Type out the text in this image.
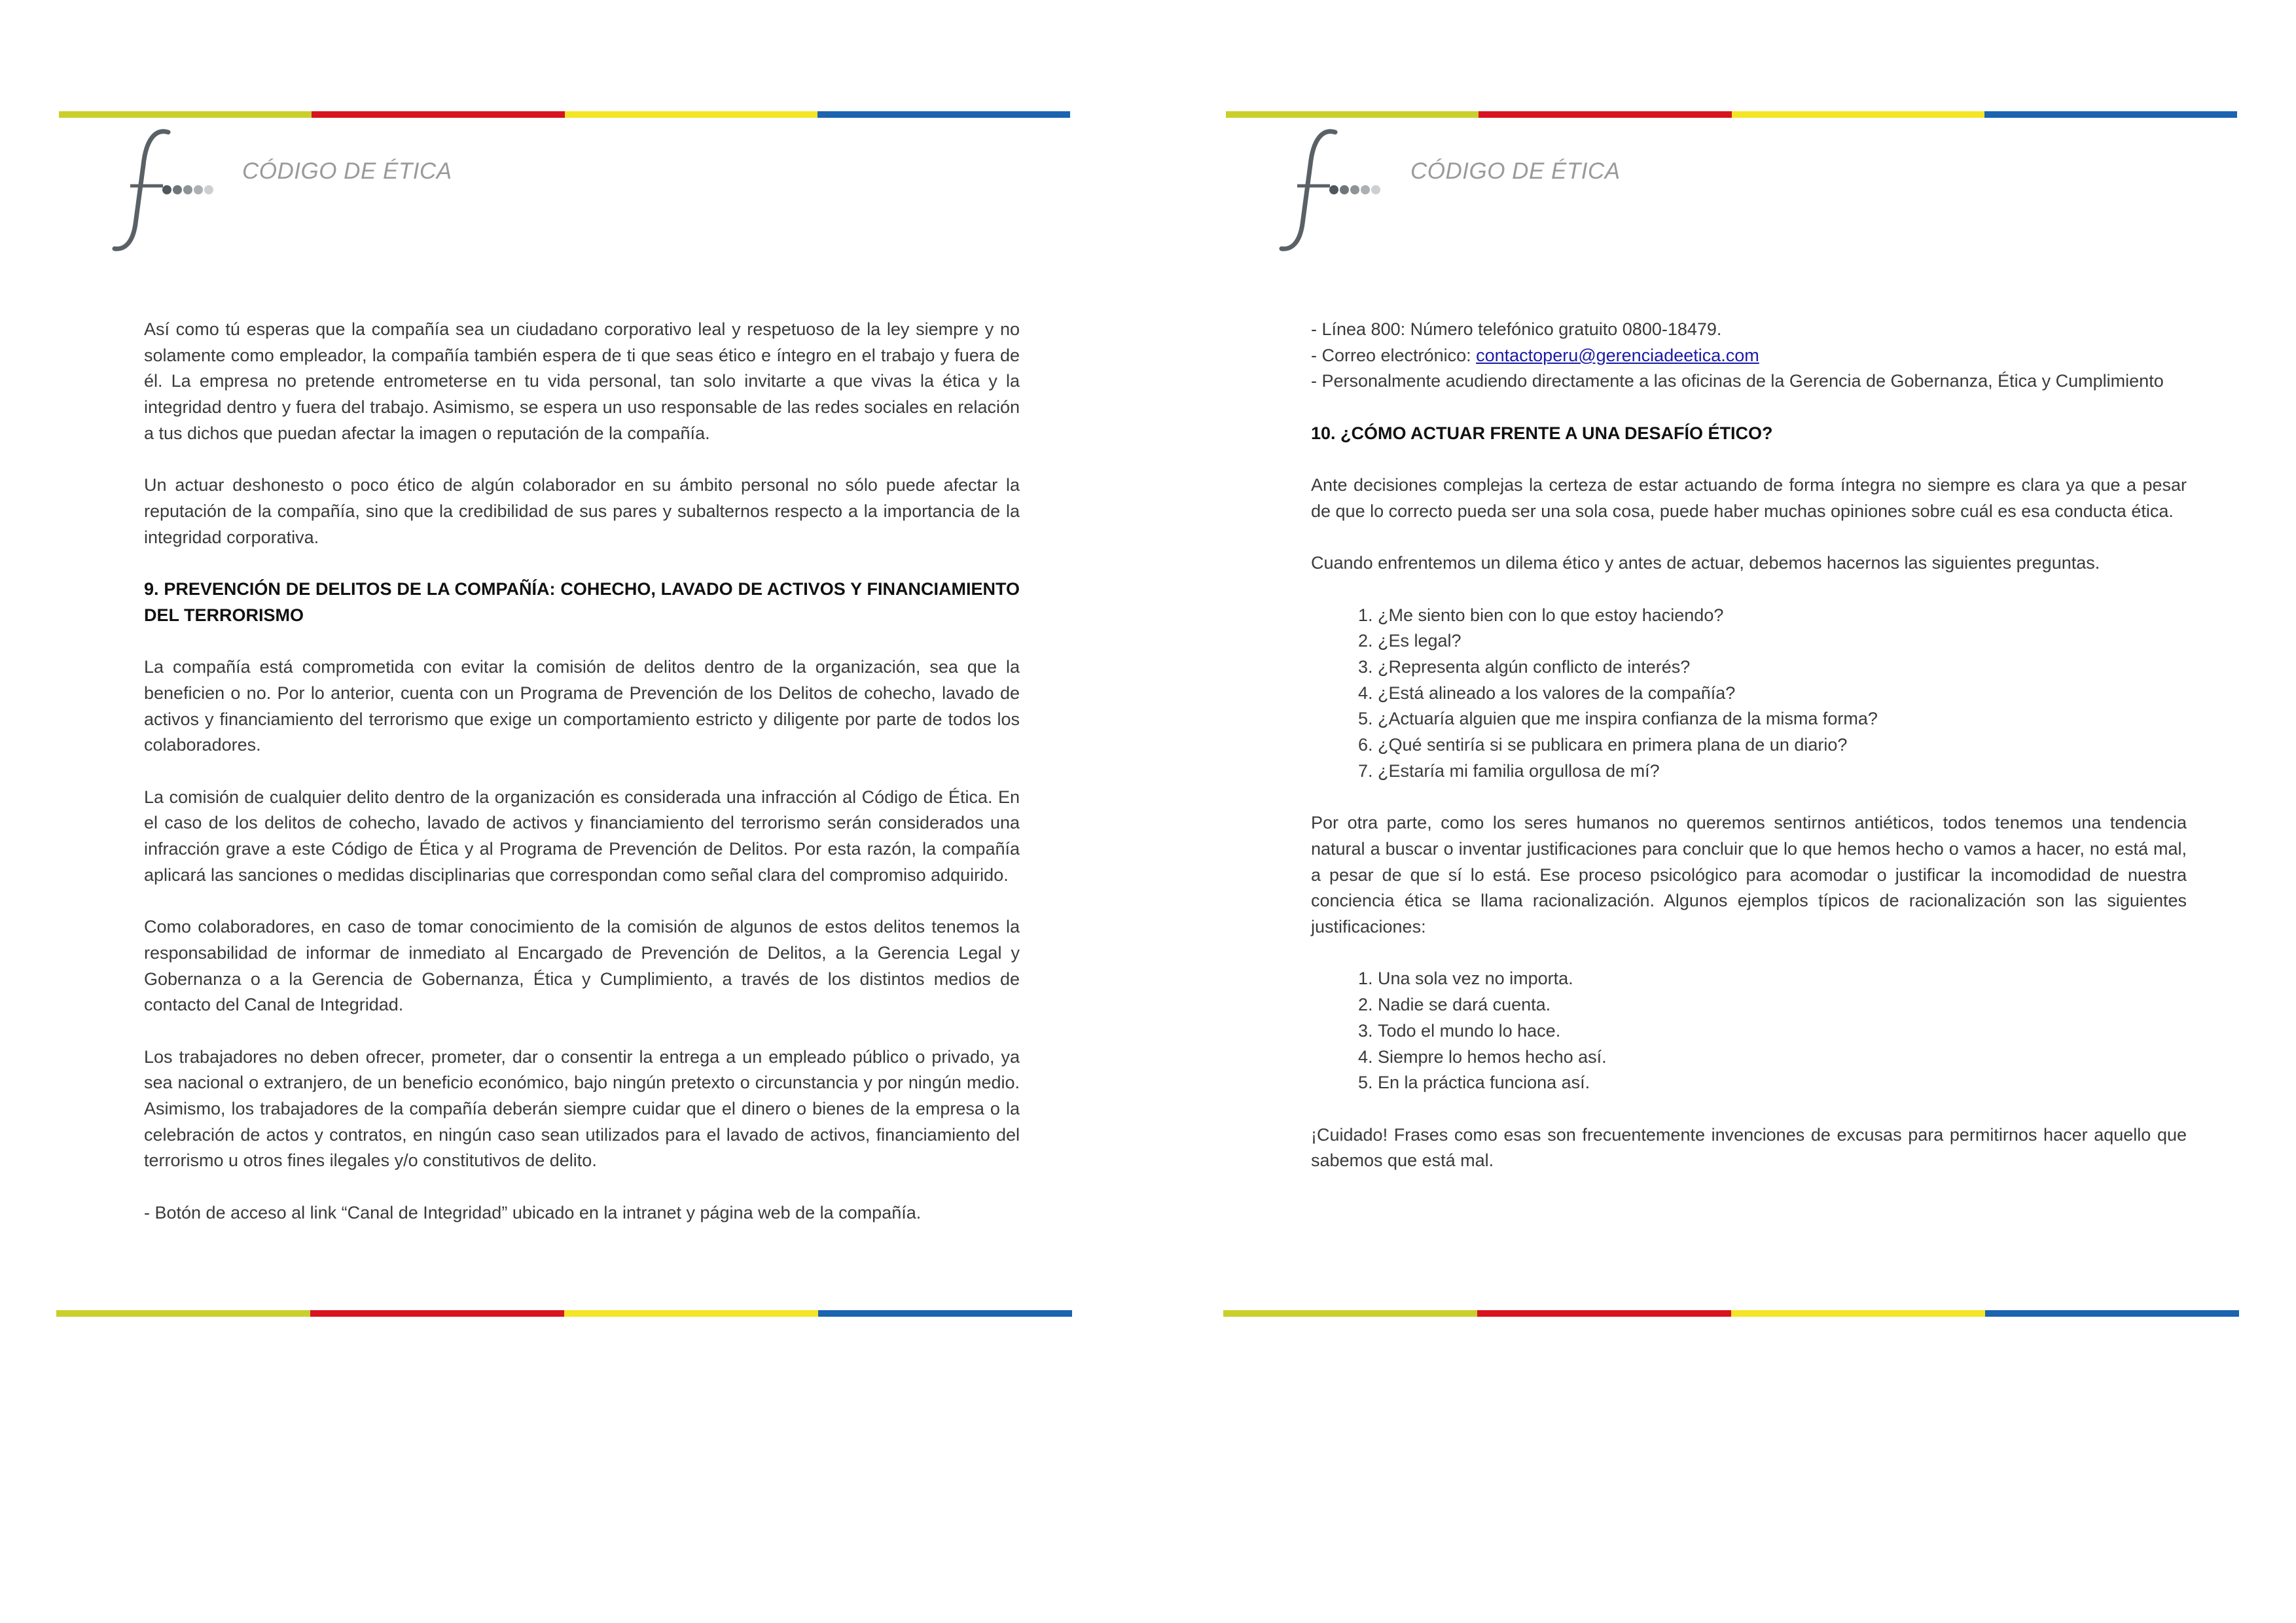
CÓDIGO DE ÉTICA

Así como tú esperas que la compañía sea un ciudadano corporativo leal y respetuoso de la ley siempre y no solamente como empleador, la compañía también espera de ti que seas ético e íntegro en el trabajo y fuera de él. La empresa no pretende entrometerse en tu vida personal, tan solo invitarte a que vivas la ética y la integridad dentro y fuera del trabajo. Asimismo, se espera un uso responsable de las redes sociales en relación a tus dichos que puedan afectar la imagen o reputación de la compañía.

Un actuar deshonesto o poco ético de algún colaborador en su ámbito personal no sólo puede afectar la reputación de la compañía, sino que la credibilidad de sus pares y subalternos respecto a la importancia de la integridad corporativa.

9. PREVENCIÓN DE DELITOS DE LA COMPAÑÍA: COHECHO, LAVADO DE ACTIVOS Y FINANCIAMIENTO DEL TERRORISMO

La compañía está comprometida con evitar la comisión de delitos dentro de la organización, sea que la beneficien o no. Por lo anterior, cuenta con un Programa de Prevención de los Delitos de cohecho, lavado de activos y financiamiento del terrorismo que exige un comportamiento estricto y diligente por parte de todos los colaboradores.

La comisión de cualquier delito dentro de la organización es considerada una infracción al Código de Ética. En el caso de los delitos de cohecho, lavado de activos y financiamiento del terrorismo serán considerados una infracción grave a este Código de Ética y al Programa de Prevención de Delitos. Por esta razón, la compañía aplicará las sanciones o medidas disciplinarias que correspondan como señal clara del compromiso adquirido.

Como colaboradores, en caso de tomar conocimiento de la comisión de algunos de estos delitos tenemos la responsabilidad de informar de inmediato al Encargado de Prevención de Delitos, a la Gerencia Legal y Gobernanza o a la Gerencia de Gobernanza, Ética y Cumplimiento, a través de los distintos medios de contacto del Canal de Integridad.

Los trabajadores no deben ofrecer, prometer, dar o consentir la entrega a un empleado público o privado, ya sea nacional o extranjero, de un beneficio económico, bajo ningún pretexto o circunstancia y por ningún medio. Asimismo, los trabajadores de la compañía deberán siempre cuidar que el dinero o bienes de la empresa o la celebración de actos y contratos, en ningún caso sean utilizados para el lavado de activos, financiamiento del terrorismo u otros fines ilegales y/o constitutivos de delito.

- Botón de acceso al link “Canal de Integridad” ubicado en la intranet y página web de la compañía.

CÓDIGO DE ÉTICA
- Línea 800: Número telefónico gratuito 0800-18479.
- Correo electrónico: contactoperu@gerenciadeetica.com

- Personalmente acudiendo directamente a las oficinas de la Gerencia de Gobernanza, Ética y Cumplimiento

10. ¿CÓMO ACTUAR FRENTE A UNA DESAFÍO ÉTICO?

Ante decisiones complejas la certeza de estar actuando de forma íntegra no siempre es clara ya que a pesar de que lo correcto pueda ser una sola cosa, puede haber muchas opiniones sobre cuál es esa conducta ética.

Cuando enfrentemos un dilema ético y antes de actuar, debemos hacernos las siguientes preguntas.

1. ¿Me siento bien con lo que estoy haciendo?
2. ¿Es legal?
3. ¿Representa algún conflicto de interés?
4. ¿Está alineado a los valores de la compañía?
5. ¿Actuaría alguien que me inspira confianza de la misma forma?
6. ¿Qué sentiría si se publicara en primera plana de un diario?
7. ¿Estaría mi familia orgullosa de mí?

Por otra parte, como los seres humanos no queremos sentirnos antiéticos, todos tenemos una tendencia natural a buscar o inventar justificaciones para concluir que lo que hemos hecho o vamos a hacer, no está mal, a pesar de que sí lo está. Ese proceso psicológico para acomodar o justificar la incomodidad de nuestra conciencia ética se llama racionalización. Algunos ejemplos típicos de racionalización son las siguientes justificaciones:

1. Una sola vez no importa.
2. Nadie se dará cuenta.
3. Todo el mundo lo hace.
4. Siempre lo hemos hecho así.
5. En la práctica funciona así.

¡Cuidado! Frases como esas son frecuentemente invenciones de excusas para permitirnos hacer aquello que sabemos que está mal.
